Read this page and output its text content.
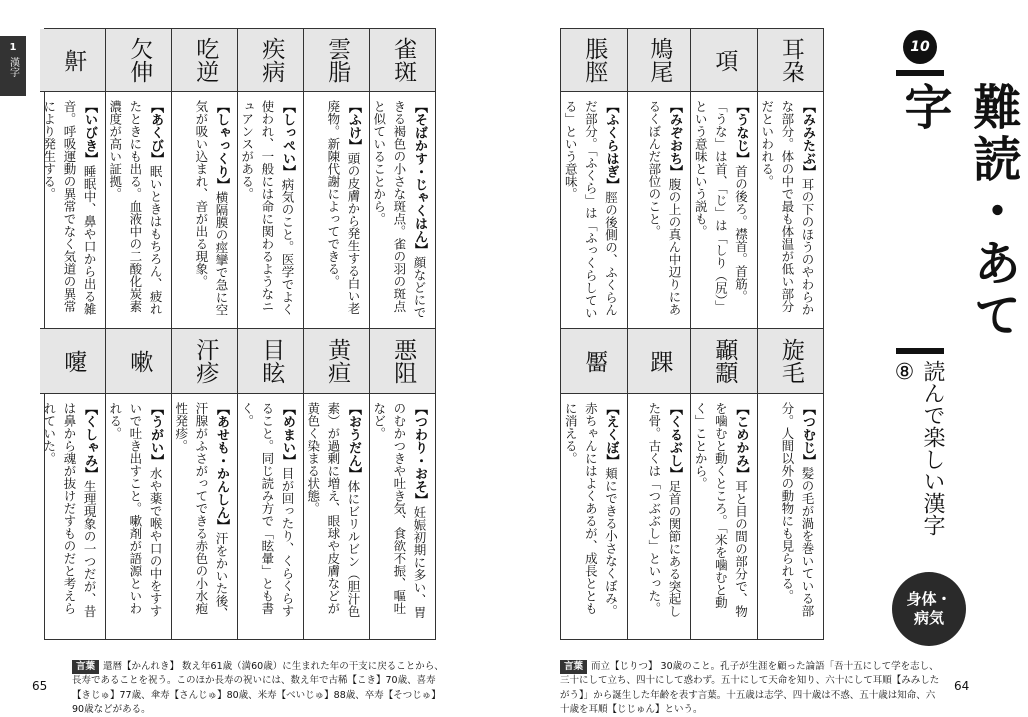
1
漢字	雀斑
【そばかす・じゃくはん】顔などにできる褐色の小さな斑点。雀の羽の斑点と似ていることから。
悪阻
【つわり・おそ】妊娠初期に多い、胃のむかつきや吐き気、食欲不振、嘔吐など。
雲脂
【ふけ】頭の皮膚から発生する白い老廃物。新陳代謝によってできる。
黄疸
【おうだん】体にビリルビン（胆汁色素）が過剰に増え、眼球や皮膚などが黄色く染まる状態。
疾病
【しっぺい】病気のこと。医学でよく使われ、一般には命に関わるようなニュアンスがある。
目眩
【めまい】目が回ったり、くらくらすること。同じ読み方で「眩暈」とも書く。
吃逆
【しゃっくり】横隔膜の痙攣で急に空気が吸い込まれ、音が出る現象。
汗疹
【あせも・かんしん】汗をかいた後、汗腺がふさがってできる赤色の小水疱性発疹。
欠伸
【あくび】眠いときはもちろん、疲れたときにも出る。血液中の二酸化炭素濃度が高い証拠。
嗽
【うがい】水や薬で喉や口の中をすすいで吐き出すこと。嗽剤が語源といわれる。
鼾
【いびき】睡眠中、鼻や口から出る雑音。呼吸運動の異常でなく気道の異常により発生する。
嚔
【くしゃみ】生理現象の一つだが、昔は鼻から魂が抜けだすものだと考えられていた。
言葉 還暦【かんれき】 数え年61歳（満60歳）に生まれた年の干支に戻ることから、長寿であることを祝う。このほか長寿の祝いには、数え年で古稀【こき】70歳、喜寿【きじゅ】77歳、傘寿【さんじゅ】80歳、米寿【べいじゅ】88歳、卒寿【そつじゅ】90歳などがある。
65
耳朶
【みみたぶ】耳の下のほうのやわらかな部分。体の中で最も体温が低い部分だといわれる。
旋毛
【つむじ】髪の毛が渦を巻いている部分。人間以外の動物にも見られる。
項
【うなじ】首の後ろ。襟首。首筋。「うな」は首、「じ」は「しり（尻）」という意味という説も。
顳顬
【こめかみ】耳と目の間の部分で、物を噛むと動くところ。「米を噛むと動く」ことから。
鳩尾
【みぞおち】腹の上の真ん中辺りにあるくぼんだ部位のこと。
踝
【くるぶし】足首の関節にある突起した骨。古くは「つぶぶし」といった。
脹脛
【ふくらはぎ】脛の後側の、ふくらんだ部分。「ふくら」は「ふっくらしている」という意味。
靨
【えくぼ】頬にできる小さなくぼみ。赤ちゃんにはよくあるが、成長とともに消える。
10
難読・あて字
読んで楽しい漢字⑧
身体・病気
言葉 而立【じりつ】 30歳のこと。孔子が生涯を顧った論語「吾十五にして学を志し、三十にして立ち、四十にして惑わず。五十にして天命を知り、六十にして耳順【みみしたがう】」から誕生した年齢を表す言葉。十五歳は志学、四十歳は不惑、五十歳は知命、六十歳を耳順【じじゅん】という。
64
